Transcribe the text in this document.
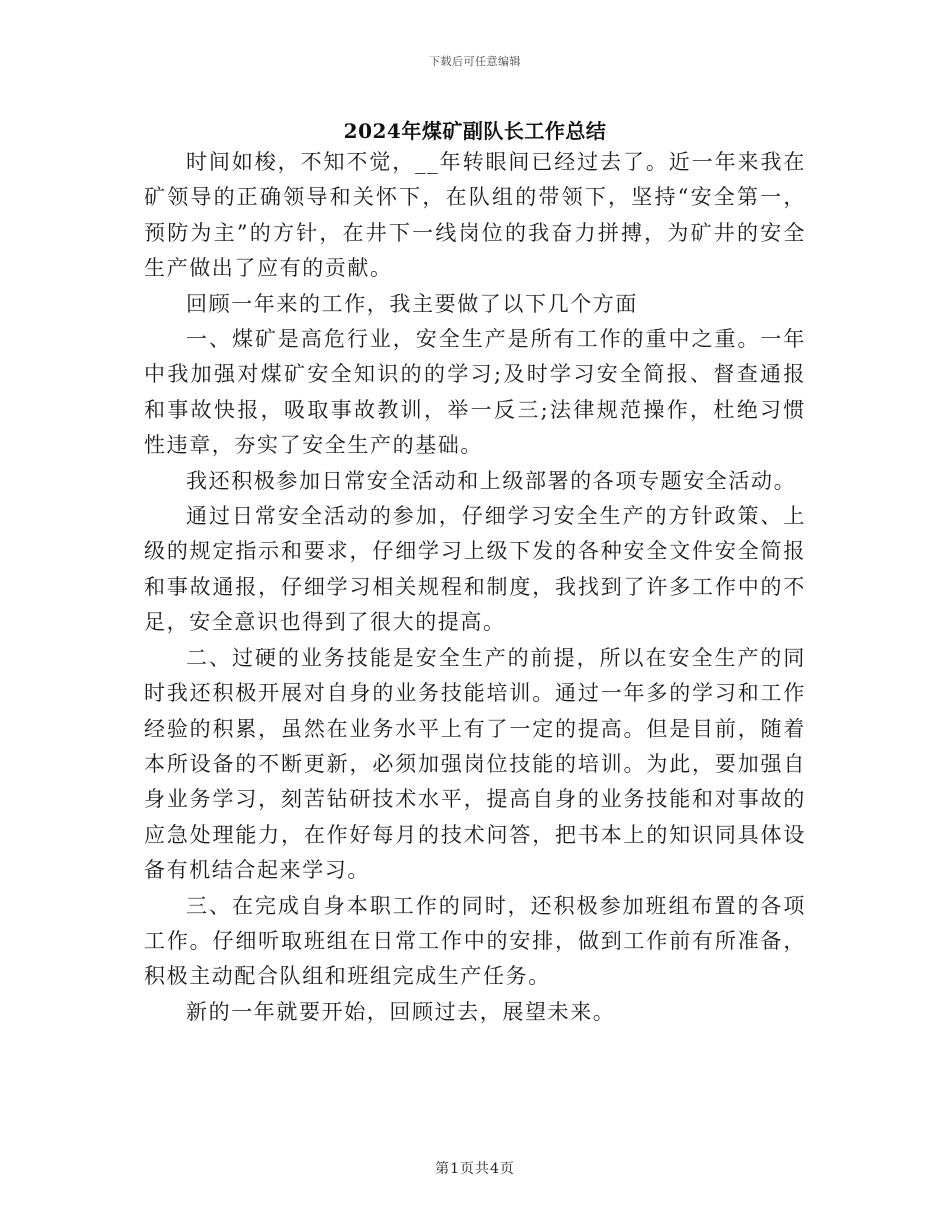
下载后可任意编辑
2024年煤矿副队长工作总结

时间如梭，不知不觉，__年转眼间已经过去了。近一年来我在矿领导的正确领导和关怀下，在队组的带领下，坚持“安全第一，预防为主”的方针，在井下一线岗位的我奋力拼搏，为矿井的安全生产做出了应有的贡献。

回顾一年来的工作，我主要做了以下几个方面

一、煤矿是高危行业，安全生产是所有工作的重中之重。一年中我加强对煤矿安全知识的的学习;及时学习安全简报、督查通报和事故快报，吸取事故教训，举一反三;法律规范操作，杜绝习惯性违章，夯实了安全生产的基础。

我还积极参加日常安全活动和上级部署的各项专题安全活动。

通过日常安全活动的参加，仔细学习安全生产的方针政策、上级的规定指示和要求，仔细学习上级下发的各种安全文件安全简报和事故通报，仔细学习相关规程和制度，我找到了许多工作中的不足，安全意识也得到了很大的提高。

二、过硬的业务技能是安全生产的前提，所以在安全生产的同时我还积极开展对自身的业务技能培训。通过一年多的学习和工作经验的积累，虽然在业务水平上有了一定的提高。但是目前，随着本所设备的不断更新，必须加强岗位技能的培训。为此，要加强自身业务学习，刻苦钻研技术水平，提高自身的业务技能和对事故的应急处理能力，在作好每月的技术问答，把书本上的知识同具体设备有机结合起来学习。

三、在完成自身本职工作的同时，还积极参加班组布置的各项工作。仔细听取班组在日常工作中的安排，做到工作前有所准备，积极主动配合队组和班组完成生产任务。

新的一年就要开始，回顾过去，展望未来。

第1页共4页
